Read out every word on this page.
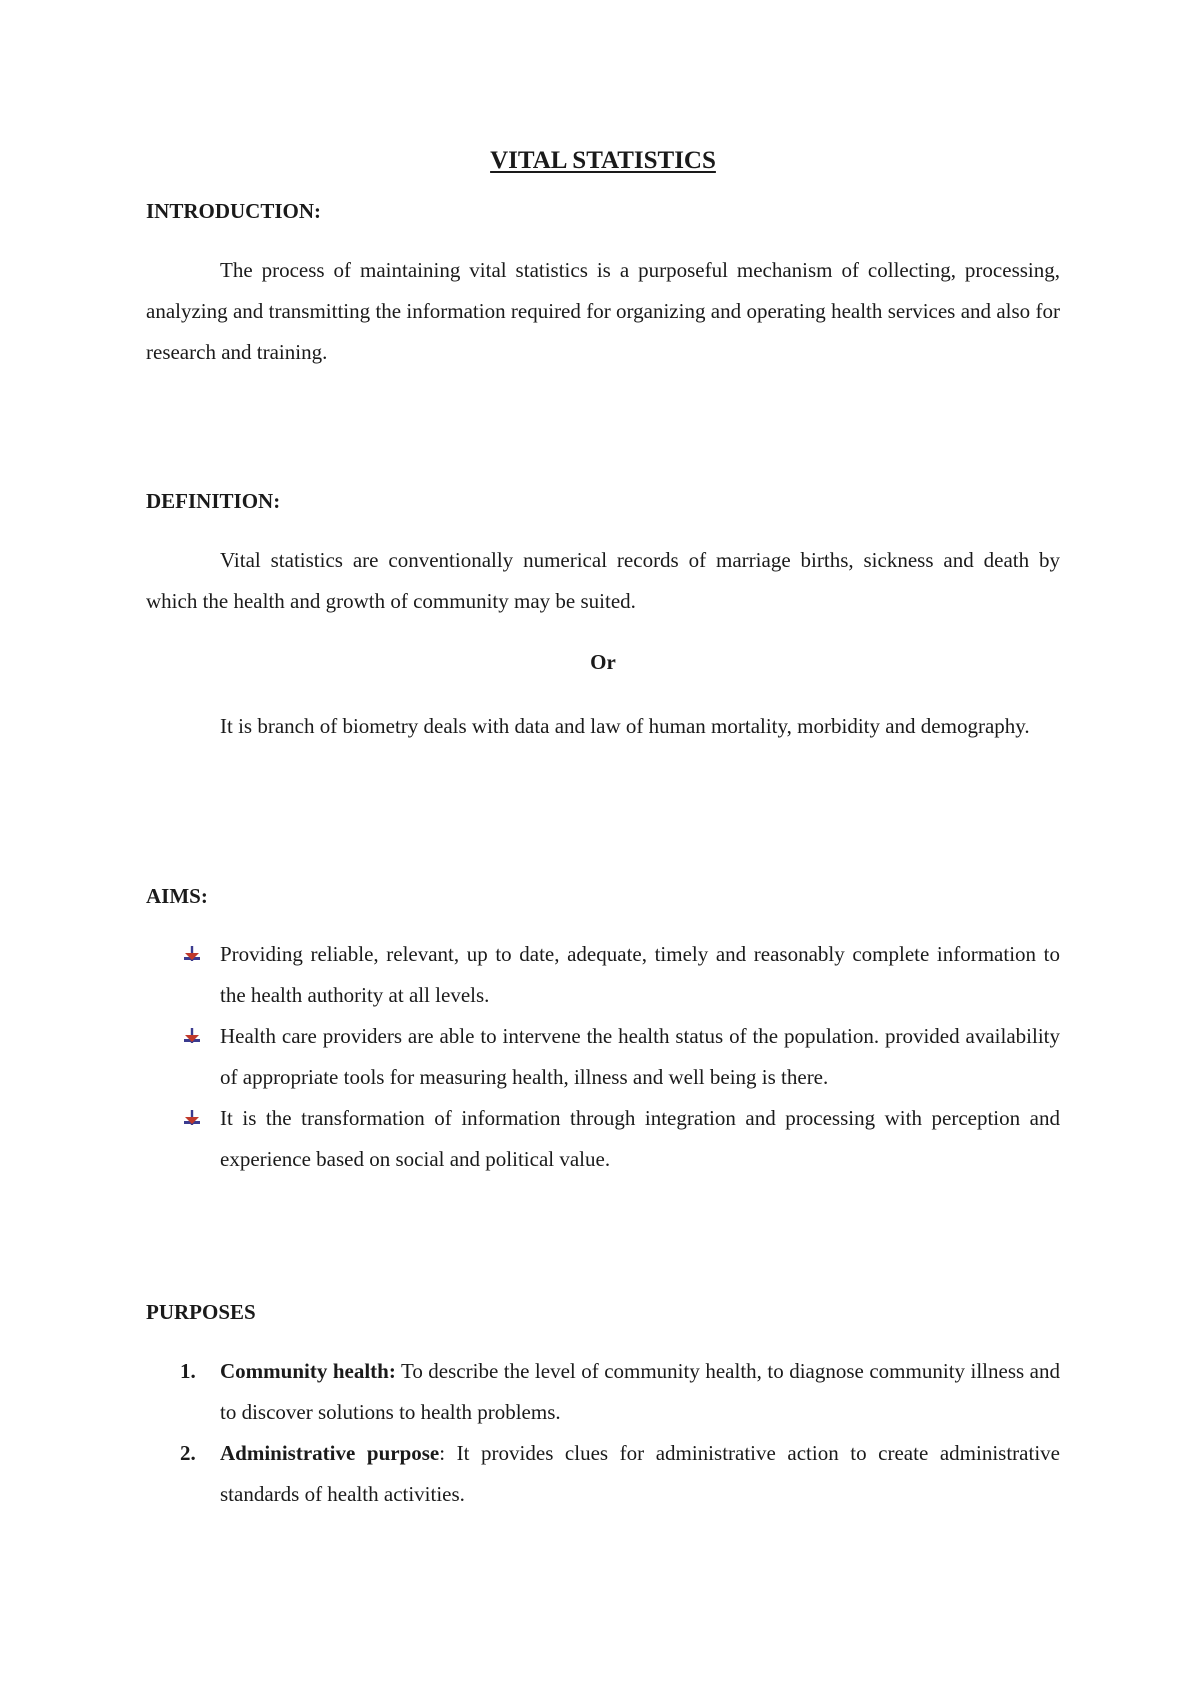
VITAL STATISTICS
INTRODUCTION:
The process of maintaining vital statistics is a purposeful mechanism of collecting, processing, analyzing and transmitting the information required for organizing and operating health services and also for research and training.
DEFINITION:
Vital statistics are conventionally numerical records of marriage births, sickness and death by which the health and growth of community may be suited.
Or
It is branch of biometry deals with data and law of human mortality, morbidity and demography.
AIMS:
Providing reliable, relevant, up to date, adequate, timely and reasonably complete information to the health authority at all levels.
Health care providers are able to intervene the health status of the population. provided availability of appropriate tools for measuring health, illness and well being is there.
It is the transformation of information through integration and processing with perception and experience based on social and political value.
PURPOSES
1. Community health: To describe the level of community health, to diagnose community illness and to discover solutions to health problems.
2. Administrative purpose: It provides clues for administrative action to create administrative standards of health activities.
